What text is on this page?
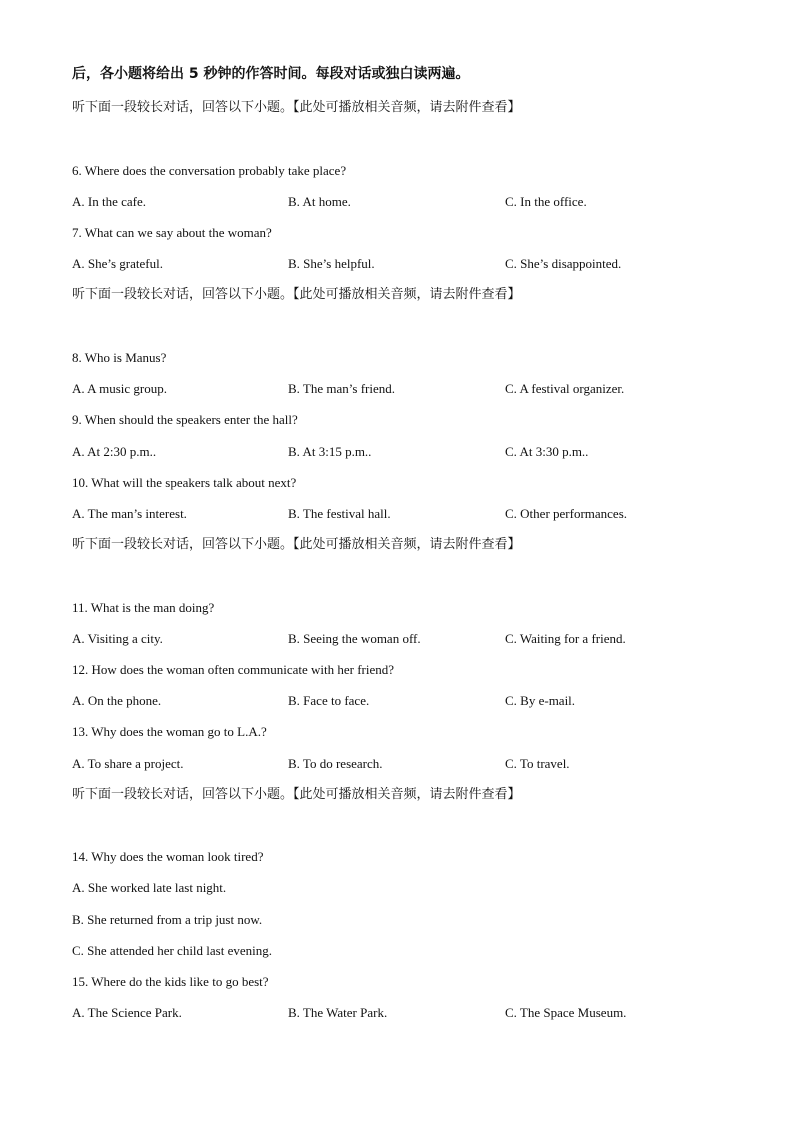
后，各小题将给出 5 秒钟的作答时间。每段对话或独白读两遍。
听下面一段较长对话，回答以下小题。【此处可播放相关音频，请去附件查看】
6. Where does the conversation probably take place?
A. In the cafe.	B. At home.	C. In the office.
7. What can we say about the woman?
A. She’s grateful.	B. She’s helpful.	C. She’s disappointed.
听下面一段较长对话，回答以下小题。【此处可播放相关音频，请去附件查看】
8. Who is Manus?
A. A music group.	B. The man’s friend.	C. A festival organizer.
9. When should the speakers enter the hall?
A. At 2:30 p.m..	B. At 3:15 p.m..	C. At 3:30 p.m..
10. What will the speakers talk about next?
A. The man’s interest.	B. The festival hall.	C. Other performances.
听下面一段较长对话，回答以下小题。【此处可播放相关音频，请去附件查看】
11. What is the man doing?
A. Visiting a city.	B. Seeing the woman off.	C. Waiting for a friend.
12. How does the woman often communicate with her friend?
A. On the phone.	B. Face to face.	C. By e-mail.
13. Why does the woman go to L.A.?
A. To share a project.	B. To do research.	C. To travel.
听下面一段较长对话，回答以下小题。【此处可播放相关音频，请去附件查看】
14. Why does the woman look tired?
A. She worked late last night.
B. She returned from a trip just now.
C. She attended her child last evening.
15. Where do the kids like to go best?
A. The Science Park.	B. The Water Park.	C. The Space Museum.
